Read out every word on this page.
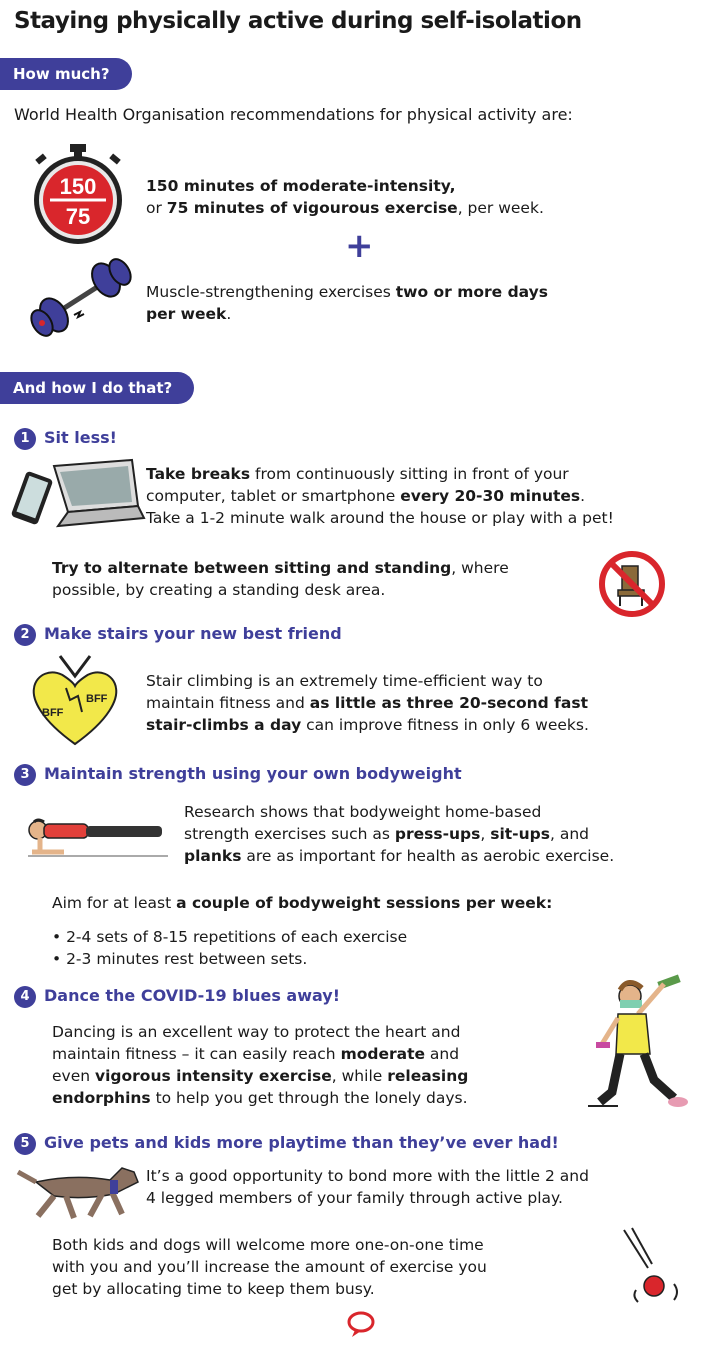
Staying physically active during self-isolation
How much?
World Health Organisation recommendations for physical activity are:
150
75
150 minutes of moderate-intensity,
or 75 minutes of vigourous exercise, per week.
+
Muscle-strengthening exercises two or more days
per week.
And how I do that?
1 Sit less!
Take breaks from continuously sitting in front of your
computer, tablet or smartphone every 20-30 minutes.
Take a 1-2 minute walk around the house or play with a pet!
Try to alternate between sitting and standing, where
possible, by creating a standing desk area.
2 Make stairs your new best friend
BFF
BFF
Stair climbing is an extremely time-efficient way to
maintain fitness and as little as three 20-second fast
stair-climbs a day can improve fitness in only 6 weeks.
3 Maintain strength using your own bodyweight
Research shows that bodyweight home-based
strength exercises such as press-ups, sit-ups, and
planks are as important for health as aerobic exercise.
Aim for at least a couple of bodyweight sessions per week:
• 2-4 sets of 8-15 repetitions of each exercise
• 2-3 minutes rest between sets.
4 Dance the COVID-19 blues away!
Dancing is an excellent way to protect the heart and
maintain fitness – it can easily reach moderate and
even vigorous intensity exercise, while releasing
endorphins to help you get through the lonely days.
5 Give pets and kids more playtime than they’ve ever had!
It’s a good opportunity to bond more with the little 2 and
4 legged members of your family through active play.
Both kids and dogs will welcome more one-on-one time
with you and you’ll increase the amount of exercise you
get by allocating time to keep them busy.
